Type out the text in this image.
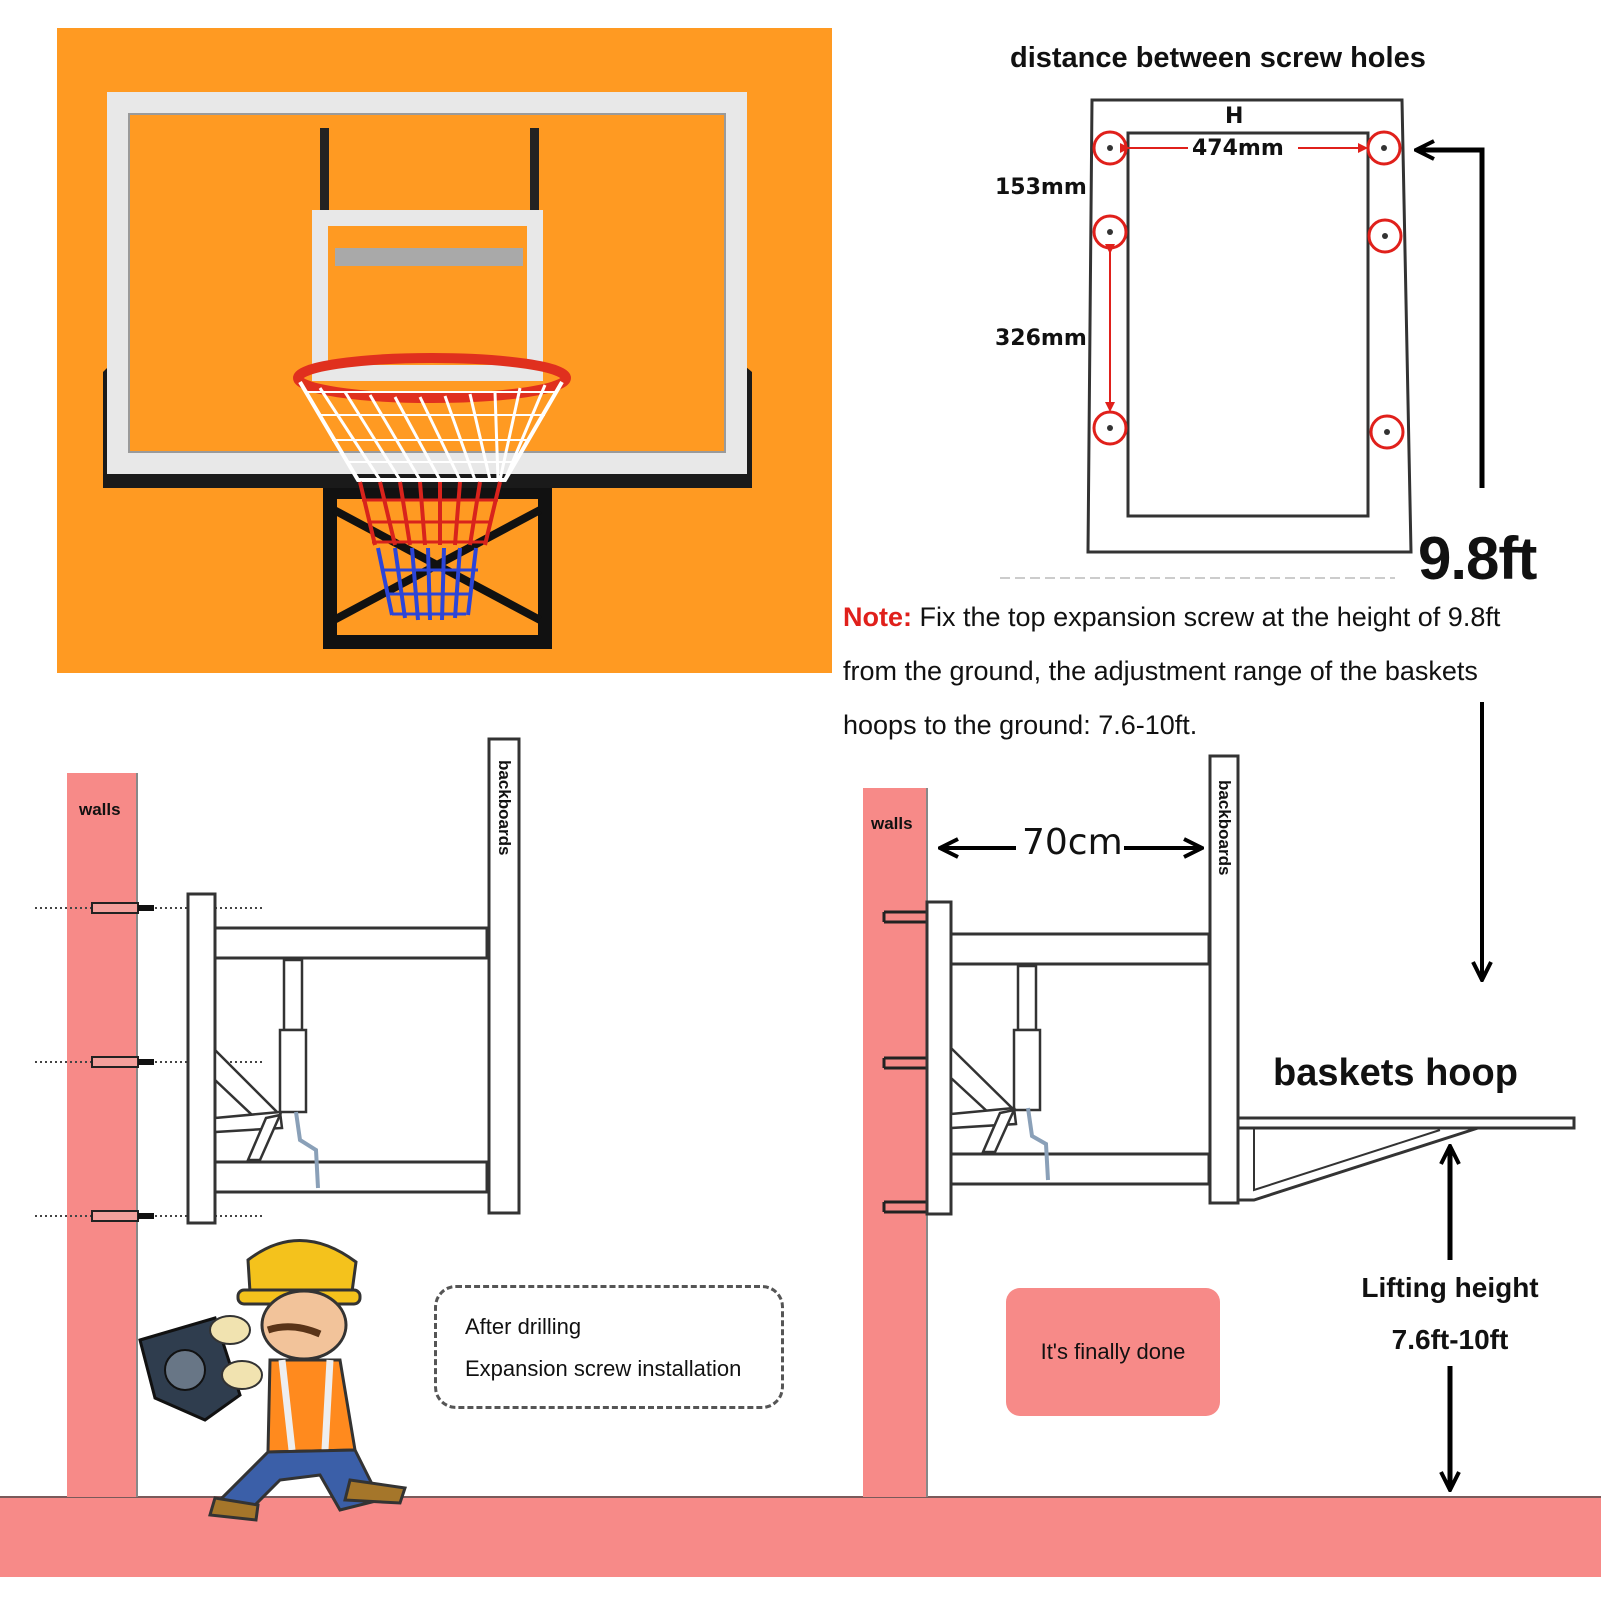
distance between screw holes
H
474mm
153mm
326mm
9.8ft
Note: Fix the top expansion screw at the height of 9.8ft from the ground, the adjustment range of the baskets hoops to the ground: 7.6-10ft.
walls	backboards
After drilling
Expansion screw installation
walls	backboards
70cm
baskets hoop
Lifting height
7.6ft-10ft
It's finally done
